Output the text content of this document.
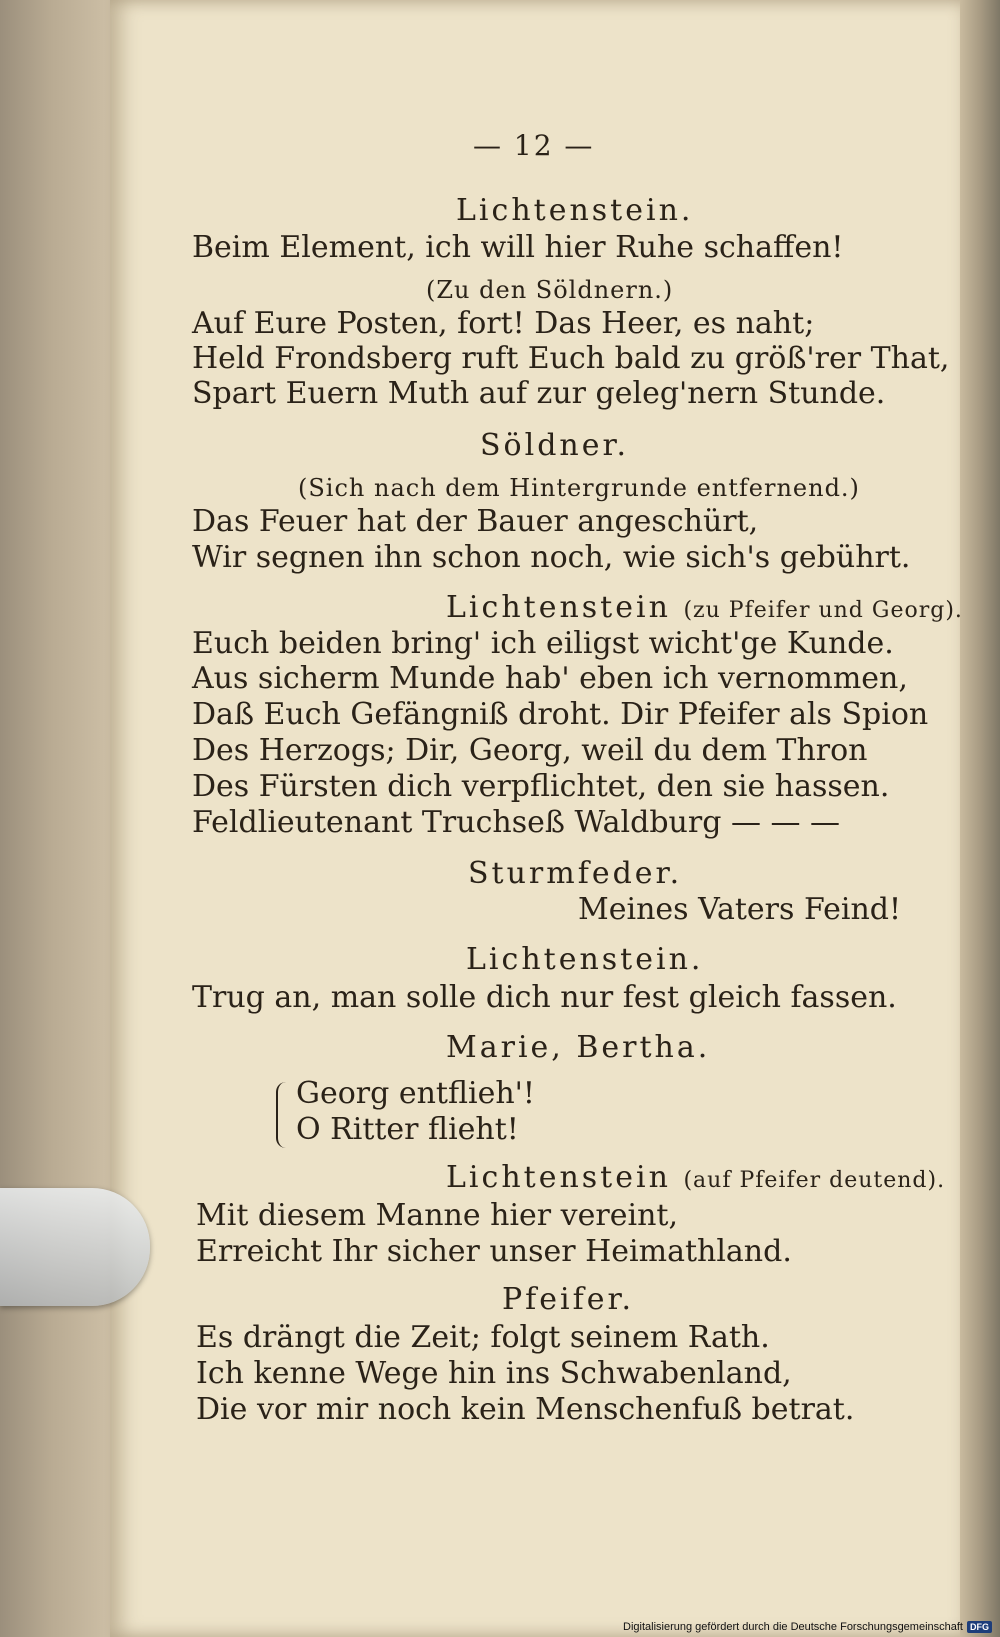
— 12 —
Lichtenstein.
Beim Element, ich will hier Ruhe schaffen!
(Zu den Söldnern.)
Auf Eure Posten, fort! Das Heer, es naht;
Held Frondsberg ruft Euch bald zu größ'rer That,
Spart Euern Muth auf zur geleg'nern Stunde.
Söldner.
(Sich nach dem Hintergrunde entfernend.)
Das Feuer hat der Bauer angeschürt,
Wir segnen ihn schon noch, wie sich's gebührt.
Lichtenstein (zu Pfeifer und Georg).
Euch beiden bring' ich eiligst wicht'ge Kunde.
Aus sicherm Munde hab' eben ich vernommen,
Daß Euch Gefängniß droht. Dir Pfeifer als Spion
Des Herzogs; Dir, Georg, weil du dem Thron
Des Fürsten dich verpflichtet, den sie hassen.
Feldlieutenant Truchseß Waldburg — — —
Sturmfeder.
Meines Vaters Feind!
Lichtenstein.
Trug an, man solle dich nur fest gleich fassen.
Marie, Bertha.
Georg entflieh'!
O Ritter flieht!
Lichtenstein (auf Pfeifer deutend).
Mit diesem Manne hier vereint,
Erreicht Ihr sicher unser Heimathland.
Pfeifer.
Es drängt die Zeit; folgt seinem Rath.
Ich kenne Wege hin ins Schwabenland,
Die vor mir noch kein Menschenfuß betrat.
Digitalisierung gefördert durch die Deutsche Forschungsgemeinschaft DFG
